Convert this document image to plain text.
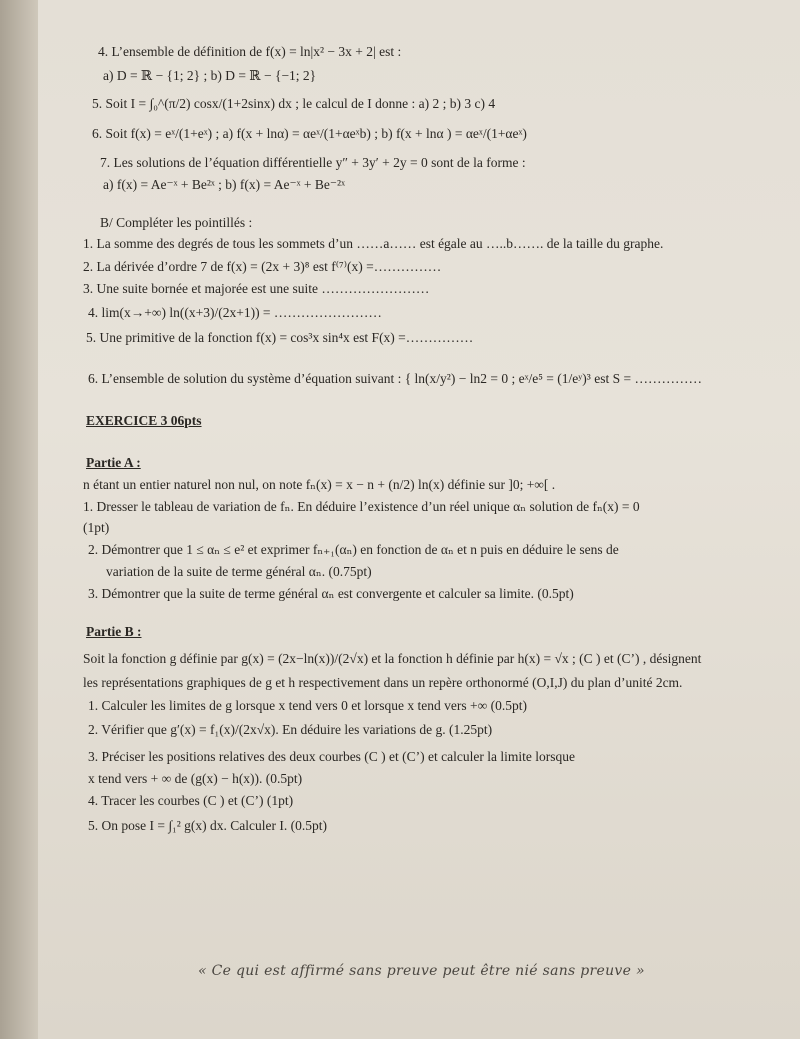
4. L’ensemble de définition de f(x) = ln|x² − 3x + 2| est :
a) D = ℝ − {1; 2} ; b) D = ℝ − {−1; 2}
5. Soit I = ∫₀^(π/2) cosx/(1+2sinx) dx ; le calcul de I donne : a) 2 ; b) 3 c) 4
6. Soit f(x) = eˣ/(1+eˣ) ; a) f(x + lnα) = αeˣ/(1+αeˣb) ; b) f(x + lnα ) = αeˣ/(1+αeˣ)
7. Les solutions de l’équation différentielle y″ + 3y′ + 2y = 0 sont de la forme :
a) f(x) = Ae⁻ˣ + Be²ˣ ; b) f(x) = Ae⁻ˣ + Be⁻²ˣ
B/ Compléter les pointillés :
1. La somme des degrés de tous les sommets d’un ……a…… est égale au …..b……. de la taille du graphe.
2. La dérivée d’ordre 7 de f(x) = (2x + 3)⁸ est f⁽⁷⁾(x) =……………
3. Une suite bornée et majorée est une suite ……………………
4. lim(x→+∞) ln((x+3)/(2x+1)) = ……………………
5. Une primitive de la fonction f(x) = cos³x sin⁴x est F(x) =……………
6. L’ensemble de solution du système d’équation suivant : { ln(x/y²) − ln2 = 0 ; eˣ/e⁵ = (1/eʸ)³ est S = ……………
EXERCICE 3 06pts
Partie A :
n étant un entier naturel non nul, on note fₙ(x) = x − n + (n/2) ln(x) définie sur ]0; +∞[ .
1. Dresser le tableau de variation de fₙ. En déduire l’existence d’un réel unique αₙ solution de fₙ(x) = 0
(1pt)
2. Démontrer que 1 ≤ αₙ ≤ e² et exprimer fₙ₊₁(αₙ) en fonction de αₙ et n puis en déduire le sens de
variation de la suite de terme général αₙ. (0.75pt)
3. Démontrer que la suite de terme général αₙ est convergente et calculer sa limite. (0.5pt)
Partie B :
Soit la fonction g définie par g(x) = (2x−ln(x))/(2√x) et la fonction h définie par h(x) = √x ; (C ) et (C’) , désignent
les représentations graphiques de g et h respectivement dans un repère orthonormé (O,I,J) du plan d’unité 2cm.
1. Calculer les limites de g lorsque x tend vers 0 et lorsque x tend vers +∞ (0.5pt)
2. Vérifier que g′(x) = f₁(x)/(2x√x). En déduire les variations de g. (1.25pt)
3. Préciser les positions relatives des deux courbes (C ) et (C’) et calculer la limite lorsque
x tend vers + ∞ de (g(x) − h(x)). (0.5pt)
4. Tracer les courbes (C ) et (C’) (1pt)
5. On pose I = ∫₁² g(x) dx. Calculer I. (0.5pt)
« Ce qui est affirmé sans preuve peut être nié sans preuve »
